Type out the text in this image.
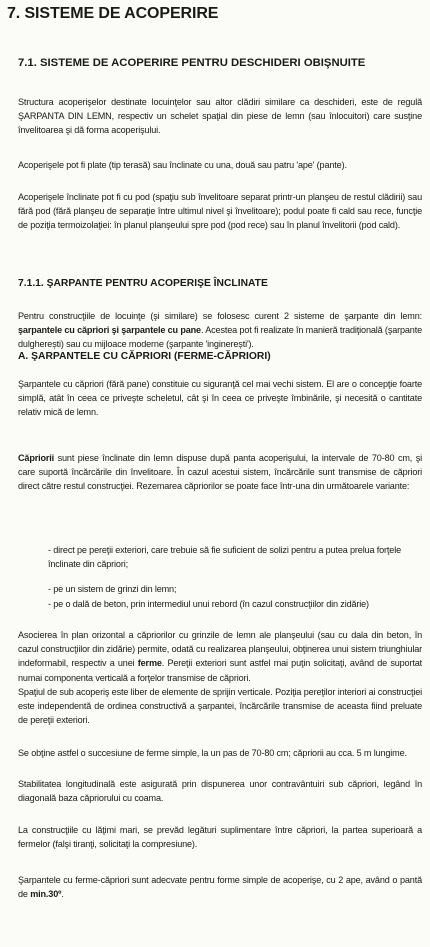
7. SISTEME DE ACOPERIRE
7.1. SISTEME DE ACOPERIRE PENTRU DESCHIDERI OBIŞNUITE
Structura acoperişelor destinate locuinţelor sau altor clădiri similare ca deschideri, este de regulă ŞARPANTA DIN LEMN, respectiv un schelet spaţial din piese de lemn (sau înlocuitori) care susţine învelitoarea şi dă forma acoperişului.
Acoperişele pot fi plate (tip terasă) sau înclinate cu una, două sau patru 'ape' (pante).
Acoperişele înclinate pot fi cu pod (spaţiu sub învelitoare separat printr-un planşeu de restul clădirii) sau fără pod (fără planşeu de separaţie între ultimul nivel şi învelitoare); podul poate fi cald sau rece, funcţie de poziţia termoizolaţiei: în planul planşeului spre pod (pod rece) sau în planul învelitorii (pod cald).
7.1.1. ŞARPANTE PENTRU ACOPERIŞE ÎNCLINATE
Pentru construcţiile de locuinţe (şi similare) se folosesc curent 2 sisteme de şarpante din lemn: şarpantele cu căpriori şi şarpantele cu pane. Acestea pot fi realizate în manieră tradiţională (şarpante dulgherești) sau cu mijloace moderne (şarpante 'inginerești').
A. ŞARPANTELE CU CĂPRIORI (FERME-CĂPRIORI)
Şarpantele cu căpriori (fără pane) constituie cu siguranţă cel mai vechi sistem. El are o concepţie foarte simplă, atât în ceea ce priveşte scheletul, cât şi în ceea ce priveşte îmbinările, şi necesită o cantitate relativ mică de lemn.
Căpriorii sunt piese înclinate din lemn dispuse după panta acoperişului, la intervale de 70-80 cm, şi care suportă încărcările din învelitoare. În cazul acestui sistem, încărcările sunt transmise de căpriori direct către restul construcţiei. Rezemarea căpriorilor se poate face într-una din următoarele variante:
- direct pe pereţii exteriori, care trebuie să fie suficient de solizi pentru a putea prelua forţele înclinate din căpriori;
- pe un sistem de grinzi din lemn;
- pe o dală de beton, prin intermediul unui rebord (în cazul construcţiilor din zidărie)
Asocierea în plan orizontal a căpriorilor cu grinzile de lemn ale planşeului (sau cu dala din beton, în cazul construcţiilor din zidărie) permite, odată cu realizarea planşeului, obţinerea unui sistem triunghiular indeformabil, respectiv a unei ferme. Pereţii exteriori sunt astfel mai puţin solicitaţi, având de suportat numai componenta verticală a forţelor transmise de căpriori.
Spaţiul de sub acoperiş este liber de elemente de sprijin verticale. Poziţia pereţilor interiori ai construcţiei este independentă de ordinea constructivă a şarpantei, încărcările transmise de aceasta fiind preluate de pereţii exteriori.
Se obţine astfel o succesiune de ferme simple, la un pas de 70-80 cm; căpriorii au cca. 5 m lungime.
Stabilitatea longitudinală este asigurată prin dispunerea unor contravântuiri sub căpriori, legând în diagonală baza căpriorului cu coama.
La construcţiile cu lăţimi mari, se prevăd legături suplimentare între căpriori, la partea superioară a fermelor (falşi tiranţi, solicitaţi la compresiune).
Şarpantele cu ferme-căpriori sunt adecvate pentru forme simple de acoperişe, cu 2 ape, având o pantă de min.30º.
